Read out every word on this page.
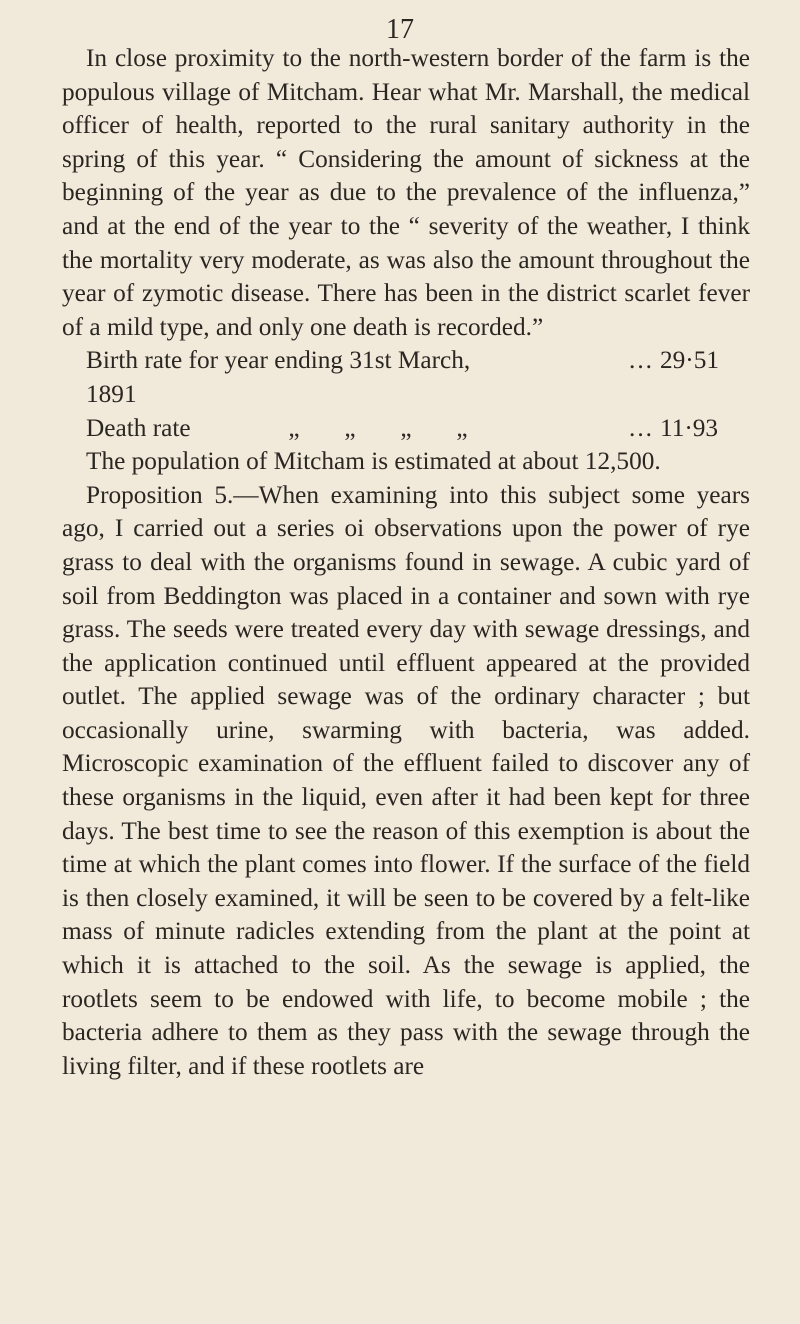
17

In close proximity to the north-western border of the farm is the populous village of Mitcham. Hear what Mr. Marshall, the medical officer of health, reported to the rural sanitary authority in the spring of this year. “ Considering the amount of sickness at the beginning of the year as due to the prevalence of the influenza,” and at the end of the year to the “ severity of the weather, I think the mortality very moderate, as was also the amount throughout the year of zymotic disease. There has been in the district scarlet fever of a mild type, and only one death is recorded.”

Birth rate for year ending 31st March, 1891
... 29·51
Death rate	„	„	„	„	... 11·93

The population of Mitcham is estimated at about 12,500.

Proposition 5.—When examining into this subject some years ago, I carried out a series oi observations upon the power of rye grass to deal with the organisms found in sewage. A cubic yard of soil from Beddington was placed in a container and sown with rye grass. The seeds were treated every day with sewage dressings, and the application continued until effluent appeared at the provided outlet. The applied sewage was of the ordinary character ; but occasionally urine, swarming with bacteria, was added. Microscopic examination of the effluent failed to discover any of these organisms in the liquid, even after it had been kept for three days. The best time to see the reason of this exemption is about the time at which the plant comes into flower. If the surface of the field is then closely examined, it will be seen to be covered by a felt-like mass of minute radicles extending from the plant at the point at which it is attached to the soil. As the sewage is applied, the rootlets seem to be endowed with life, to become mobile ; the bacteria adhere to them as they pass with the sewage through the living filter, and if these rootlets are
